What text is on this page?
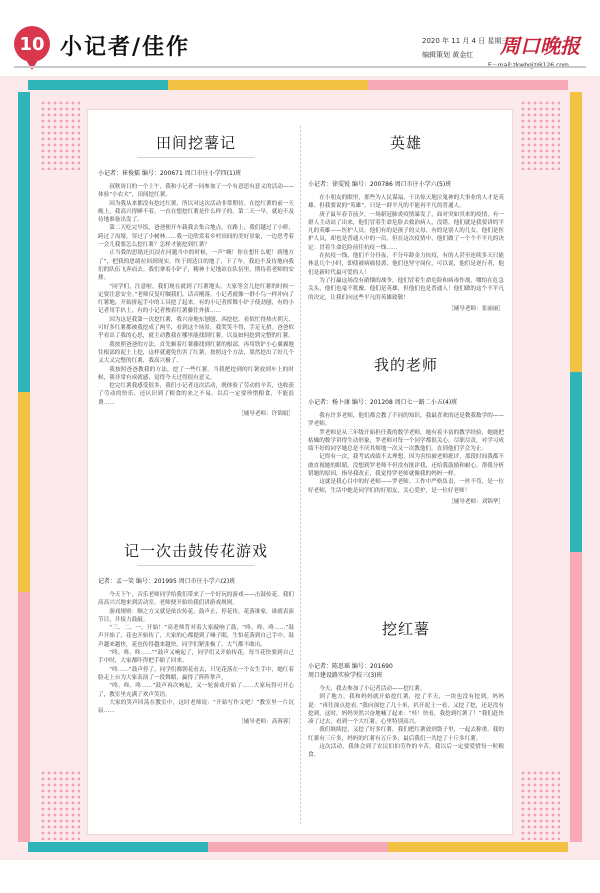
10 小记者/佳作	2020 年 11 月 4 日 星期三
编辑策划 黄金红 周口晚报
田间挖薯记
小记者：崔俊擂 编号：200671 周口市庄小学四(1)班

叔秋周日的一个上午，我和小记者一同参加了一个有意思有意义的活动——体验“小农夫”，田间挖红薯。

因为我从来都没有挖过红薯，所以对这次活动非常期待。在挖红薯的前一天晚上，我高兴得睡不着，一直在想挖红薯是什么样子的，第二天一早，就迫不及待地准备出发了。

第二天吃完早饭，爸爸便开车载我去集合地点。在路上，我们越过了小桥，跨过了沟壕，穿过了小树林……我一边欣赏着乡村田间的美好景象，一边思考着一会儿我要怎么挖红薯？怎样才能挖到红薯？

正当我的思绪还沉浸在问题当中的时候，一声“嗨！你在想什么呢！到地方了”，把我的思绪拉回到现实。终于到达目的地了，下了车，我迫不及待地向我们的队伍飞奔而去。我们拿着小铲子，精神十足地站在队伍里，期待着老师的安排。

“同学们，注意啦，我们现在就到了红薯地头，大家等会儿挖红薯的时候一定要注意安全。”老师反复叮嘱我们。话音刚落，小记者就像一群小鸟一样冲向了红薯地，开始拼起手中的工具挖了起来。有的小记者挥舞小铲子使劲刨，有的小记者用手扒土，有的小记者拽着红薯藤往外拔……

因为这是我第一次挖红薯，我兴奋地东刨刨、西挖挖，看似忙得热火朝天，可好多红薯都被我挖成了两半，看到这个场景，我哭笑不得，手足无措。爸爸似乎看出了我的心思，就主动教我在哪里能找到红薯，以及如何挖到完整的红薯。

我按照爸爸的方法，首先顺着红薯藤找到红薯的根部，再用铁铲小心翼翼地往根部的泥土上挖，这样就避免伤害了红薯，按照这个方法，果然挖出了好几个又大又完整的红薯，我高兴极了。

我按照爸爸教我的方法，挖了一些红薯。当我把挖到的红薯放到车上的时候，我非常有成就感，觉得今天过得很有意义。

挖完红薯我感受很多，我们小记者这次活动，既体验了劳动的辛苦，也收获了劳动的快乐，还认识到了粮食的来之不易，以后一定要珍惜粮食，不能浪费……

［辅导老师：许锦娟］
记一次击鼓传花游戏
记者：孟一笑 编号：201995 周口市庄小学六(2)班

今天下午，音乐老师同学给我们带来了一个好玩的游戏——击鼓传花。我们高高兴兴地来到活动室，老师便开始给我们讲游戏规则。

游戏规则：顺之方又就是依次传花，鼓声止，停花传，花落谁家，谁就表演节目，并接力鼓敲。

“三、二、一，开始！”高老师背对着大家敲响了鼓，“咚、咚、咚……”鼓声开始了，花也开始传了，大家的心都提到了嗓子眼，生怕花落到自己手中。鼓声越来越快，花也传得越来越快，同学们紧张极了，大气都不敢出。

“咚、咚、咚……”“鼓声又响起了，同学们又开始传花，每当花快要到自己手中时，大家都吓得把手缩了回来。

“咚……”鼓声停了，同学们都朝花看去，只见花落在一个女生手中，她红着脸走上台为大家表演了一段舞蹈，赢得了阵阵掌声。

“咚、咚、咚……”鼓声再次响起，又一轮游戏开始了……大家玩得可开心了，教室里充满了欢声笑语。

大家的笑声回荡在教室中，这时老师说：“开始写作文吧！”教室里一片沉寂……

［辅导老师：高蓉蓉］
英雄
小记者：徐雯锐 编号：200786 周口市庄小学六(5)班

在小朋友的眼里，那些为人民谋福，干出惊天地泣鬼神的大事业的人才是英雄。但我要说的“英雄”，只是一群平凡的不能再平凡的普通人。

庚子鼠年春节前夕，一场新冠肺炎疫情暴发了，面对突如其来的疫情，有一群人主动站了出来，他们冒着生命危险去救治病人，没错，他们就是我要讲的平凡的英雄——医护人员。他们有的是孩子的父母，有的是别人的儿女，他们是医护人员，却也是普通人中的一员，但在这次疫情中，他们做了一个个不平凡的决定：冒着生命危险前往抗疫一线……

在抗疫一线，他们不分昼夜，不分年龄金力抗疫，有的人甚至连续多天只能休息几个小时，即使被病痛侵袭，他们也坚守岗位，可以说，他们是逆行者，他们是新时代最可爱的人！

为了打赢这场没有硝烟的战争，他们冒着生命危险和病毒作战，哪怕在危急关头，他们也毫不犹豫。他们是英雄，但他们也是普通人！他们做的这个不平凡的决定，让我们向这些平凡的英雄致敬！

［辅导老师：张丽丽］
我的老师
小记者：杨卜康 编号：201208 周口七一路二小五(4)班

我有许多老师，他们都会教了不同的知识。我最喜欢的还是教我数学的——罗老师。

罗老师是从三年级开始担任我的数学老师，她有着丰富的教学经验，她能把枯燥的数学讲得生动形象，罗老师对每一个同学都很关心，尽职尽责，对学习成绩不好的同学她总是不厌其烦地一次又一次教他们，直到他们学会为止。

记得有一次，我考试成绩不太理想，因为害怕被老师批评，那段时间我都不敢直视她的眼睛。没想到罗老师不但没有批评我，还给我鼓励和耐心，帮我分析错题的原因，指导我改正，我觉得罗老师就像我的妈妈一样。

这就是我心目中的好老师——罗老师。工作中严格负责，一丝不苟，是一位好老师，生活中她是同学们的好朋友，关心爱护，是一位好老师！

［辅导老师：刘锦华］
挖红薯
小记者：陈思瑶 编号：201690
周口建设路实验学校三(3)班

今天，我去参加了小记者活动——挖红薯。

到了地方，我和妈妈就开始挖红薯，挖了半天，一块也没有挖到。妈妈说：“再往深点挖看。”我向深挖了几十米，扒开泥土一看，又挖了挖，还是没有挖到，这时，妈妈突然兴奋地喊了起来：“哇！快看，我挖到红薯了！”我们赶快凑了过去，看到一个大红薯，心里特别高兴。

我们继续挖，又挖了好多红薯，我们把红薯放到袋子里，一起去称重。我的红薯有三斤多，妈妈的红薯有五斤多，最后我们一共挖了十斤多红薯。

这次活动，我体会到了农民伯伯劳作的辛苦，我以后一定要爱惜每一粒粮食。
